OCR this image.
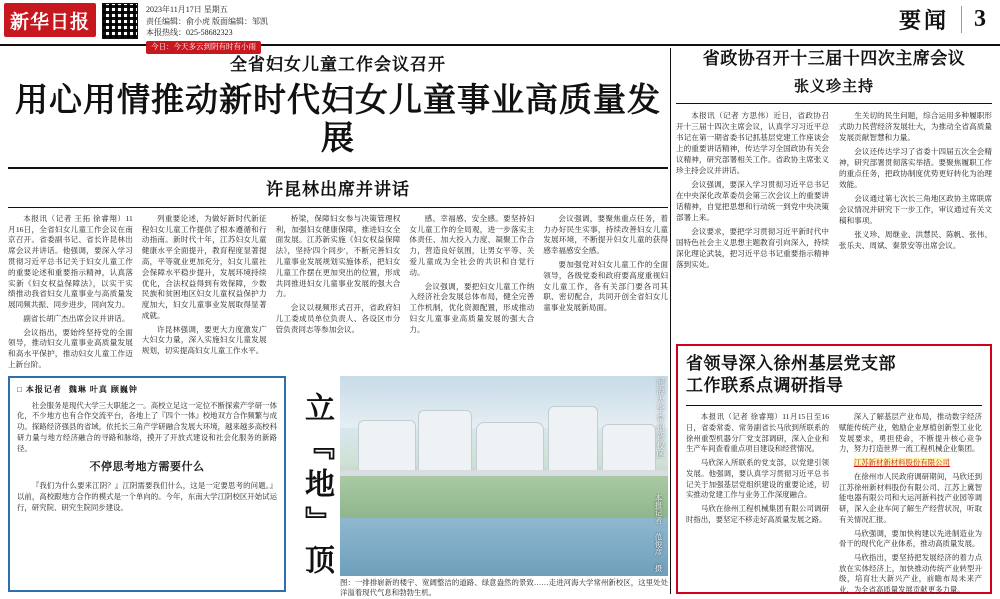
新华日报
2023年11月17日 星期五
责任编辑：俞小虎 版面编辑：邹凯
本报热线：025-58682323
今日：今天多云到阴有时有小雨
要闻	3
全省妇女儿童工作会议召开
用心用情推动新时代妇女儿童事业高质量发展
许昆林出席并讲话

本报讯（记者 王拓 徐睿翔）11月16日，全省妇女儿童工作会议在南京召开。省委副书记、省长许昆林出席会议并讲话。他强调，要深入学习贯彻习近平总书记关于妇女儿童工作的重要论述和重要指示精神，认真落实新《妇女权益保障法》，以实干实绩推动我省妇女儿童事业与高质量发展同频共振、同步进步，同向发力。

副省长胡广杰出席会议并讲话。

会议指出，要始终坚持党的全面领导，推动妇女儿童事业高质量发展和高水平保护，推动妇女儿童工作迈上新台阶。

列重要论述，为做好新时代新征程妇女儿童工作提供了根本遵循和行动指南。新时代十年，江苏妇女儿童健康水平全面提升，教育程度显著提高，平等就业更加充分，妇女儿童社会保障水平稳步提升，发展环境持续优化，合法权益得到有效保障，少数民族和贫困地区妇女儿童权益保护力度加大，妇女儿童事业发展取得显著成就。

许昆林强调，要更大力度激发广大妇女力量，深入实施妇女儿童发展规划，切实提高妇女儿童工作水平。

桥梁，保障妇女参与决策管理权利，加强妇女健康保障，推进妇女全面发展。江苏新实施《妇女权益保障法》，坚持'四个同步'，不断完善妇女儿童事业发展规划实施体系，把妇女儿童工作摆在更加突出的位置，形成共同推进妇女儿童事业发展的强大合力。

会议以视频形式召开，省政府妇儿工委成员单位负责人、各设区市分管负责同志等参加会议。

感、幸福感、安全感。要坚持妇女儿童工作的全局观，进一步落实主体责任、加大投入力度、凝聚工作合力，营造良好氛围，让男女平等、关爱儿童成为全社会的共识和自觉行动。

会议强调，要把妇女儿童工作纳入经济社会发展总体布局，健全完善工作机制，优化资源配置，形成推动妇女儿童事业高质量发展的强大合力。

会议强调，要聚焦重点任务，着力办好民生实事，持续改善妇女儿童发展环境，不断提升妇女儿童的获得感幸福感安全感。

要加强党对妇女儿童工作的全面领导，各级党委和政府要高度重视妇女儿童工作，各有关部门要各司其职、密切配合，共同开创全省妇女儿童事业发展新局面。

□ 本报记者 魏琳 叶真 顾巍钟

社会服务是现代大学三大职能之一。高校立足这一定位不断探索产学研一体化，不少地方也有合作交流平台，各地上了『四个一体』校地双方合作频繁与成功。探路经济强县的省域，依托长三角产学研融合发展大环境，越来越多高校科研力量与地方经济融合的寻路和脉络，摸开了开放式建设和社会化服务的新路径。

不停思考地方需要什么

『我们为什么要来江阴？』江阴需要我们什么，这是一定要思考的问题。』以前，高校跟地方合作的模式是一个单向的。今年，东南大学江阴校区开始试运行，研究院、研究生院同步建设。	立『地』顶	河海大学常州新校区
本报记者 范俊彦 摄
图：一排排崭新的楼宇、宽阔整洁的道路、绿意盎然的景致……走进河海大学常州新校区，这里处处洋溢着现代气息和勃勃生机。
省政协召开十三届十四次主席会议
张义珍主持

本报讯（记者 方思伟）近日，省政协召开十三届十四次主席会议，认真学习习近平总书记在第一期省委书记抓基层党建工作座谈会上的重要讲话精神，传达学习全国政协有关会议精神，研究部署相关工作。省政协主席张义珍主持会议并讲话。

会议强调，要深入学习贯彻习近平总书记在中央深化改革委员会第三次会议上的重要讲话精神，自觉把思想和行动统一到党中央决策部署上来。

会议要求，要把学习贯彻习近平新时代中国特色社会主义思想主题教育引向深入，持续深化理论武装，把习近平总书记重要指示精神落到实处。

生关切的民生问题，综合运用多种履职形式助力民营经济发展壮大，为推动全省高质量发展贡献智慧和力量。

会议还传达学习了省委十四届五次全会精神，研究部署贯彻落实举措。要聚焦履职工作的重点任务，把政协制度优势更好转化为治理效能。

会议通过第七次长三角地区政协主席联席会议情况并研究下一步工作，审议通过有关文稿和事项。

张义珍、周继业、洪慧民、陈帆、张伟、张乐夫、周斌、秦景安等出席会议。

省领导深入徐州基层党支部
工作联系点调研指导

本报讯（记者 徐睿翔）11月15日至16日，省委常委、常务副省长马欣到所联系的徐州重型机器分厂党支部调研，深入企业和生产车间查看重点项目建设和经营情况。

马欣深入所联系的党支部，以党建引领发展。他强调，要认真学习贯彻习近平总书记关于加强基层党组织建设的重要论述，切实推动党建工作与业务工作深度融合。

马欣在徐州工程机械集团有限公司调研时指出，要坚定不移走好高质量发展之路。

深入了解基层产业布局，推动数字经济赋能传统产业，勉励企业厚植创新型工业化发展要求，勇担使命，不断提升核心竞争力，努力打造世界一流工程机械企业集团。

江苏新材新材料股份有限公司

在徐州市人民政府调研期间，马欣还到江苏徐州新材料股份有限公司、江苏上冀智能电器有限公司和大运河新科技产业园等调研，深入企业车间了解生产经营状况，听取有关情况汇报。

马欣强调，要加快构建以先进制造业为骨干的现代化产业体系，推动高质量发展。

马欣指出，要坚持把发展经济的着力点放在实体经济上，加快推动传统产业转型升级，培育壮大新兴产业，前瞻布局未来产业，为全省高质量发展贡献更多力量。
